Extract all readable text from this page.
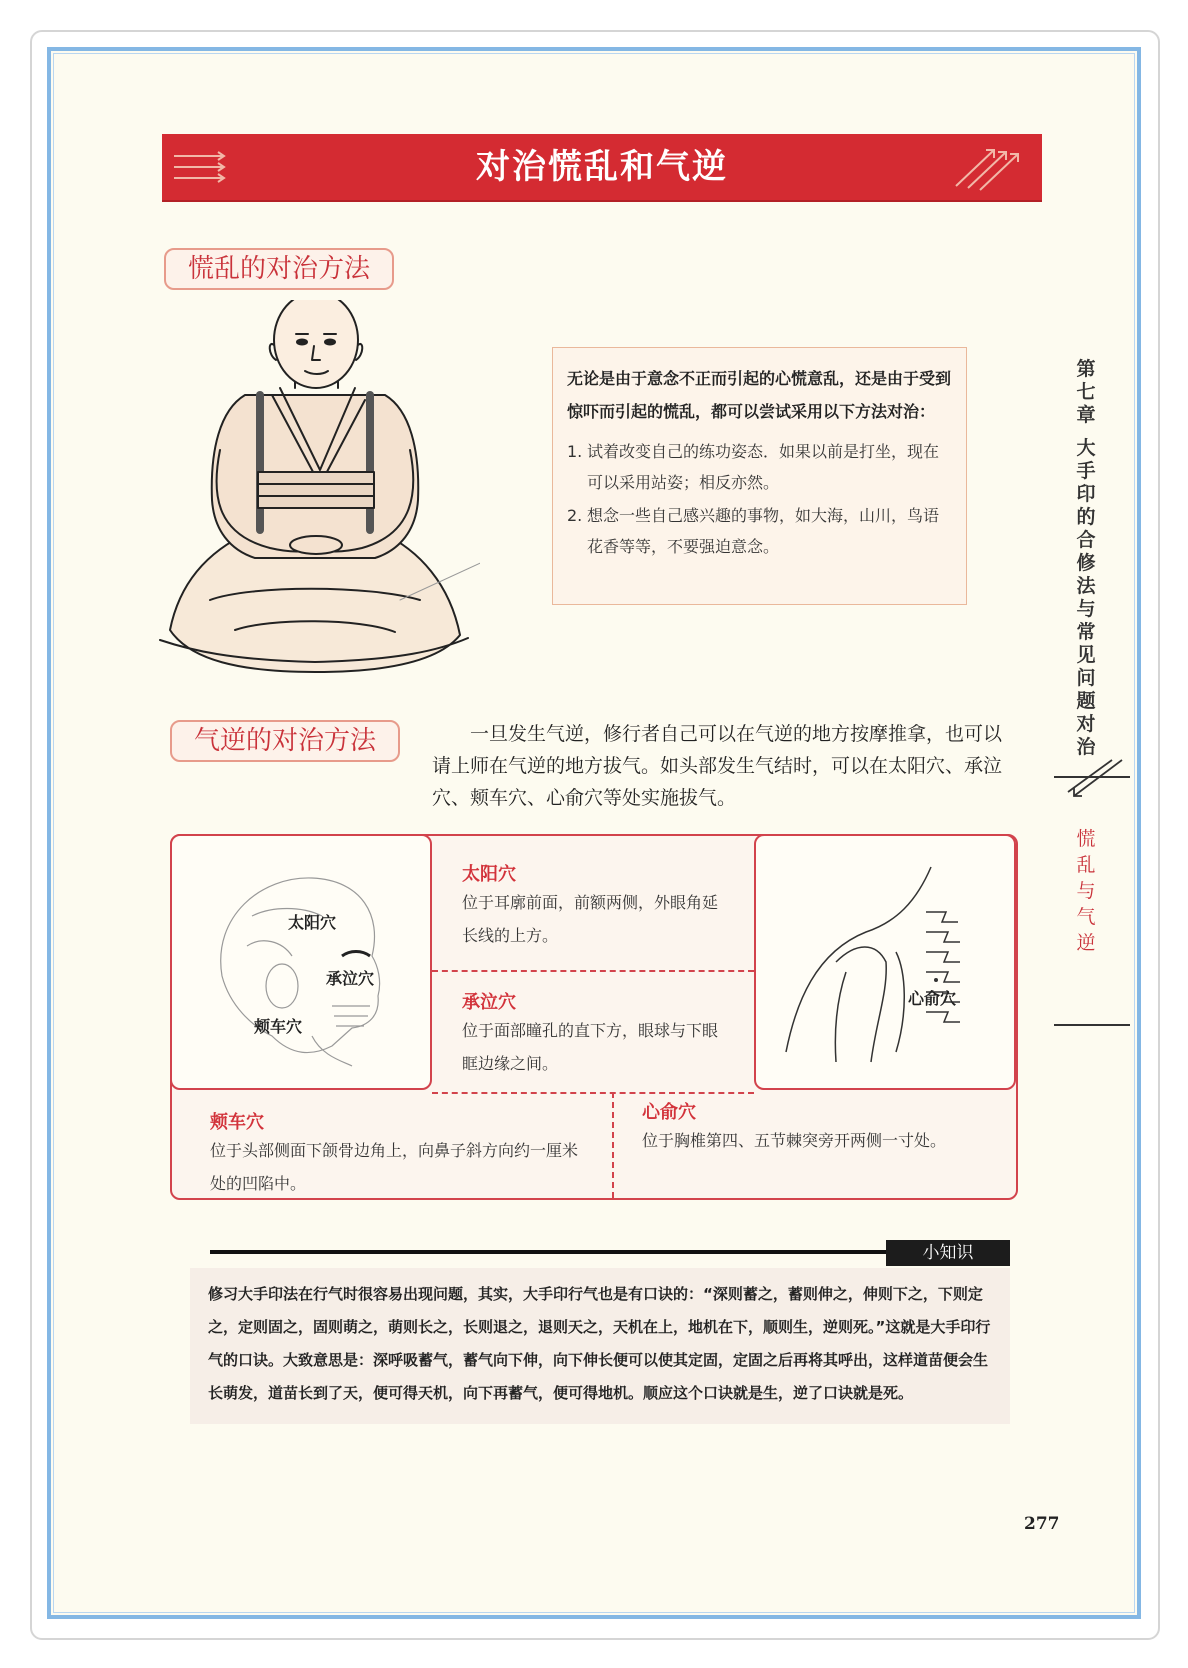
对治慌乱和气逆
慌乱的对治方法
无论是由于意念不正而引起的心慌意乱，还是由于受到惊吓而引起的慌乱，都可以尝试采用以下方法对治：
1. 试着改变自己的练功姿态．如果以前是打坐，现在可以采用站姿；相反亦然。
2. 想念一些自己感兴趣的事物，如大海，山川，鸟语花香等等，不要强迫意念。
气逆的对治方法	一旦发生气逆，修行者自己可以在气逆的地方按摩推拿，也可以请上师在气逆的地方拔气。如头部发生气结时，可以在太阳穴、承泣穴、颊车穴、心俞穴等处实施拔气。
太阳穴
承泣穴
颊车穴
心俞穴
太阳穴
位于耳廓前面，前额两侧，外眼角延长线的上方。
承泣穴
位于面部瞳孔的直下方，眼球与下眼眶边缘之间。
颊车穴
位于头部侧面下颌骨边角上，向鼻子斜方向约一厘米处的凹陷中。
心俞穴
位于胸椎第四、五节棘突旁开两侧一寸处。
小知识
修习大手印法在行气时很容易出现问题，其实，大手印行气也是有口诀的：“深则蓄之，蓄则伸之，伸则下之，下则定之，定则固之，固则萌之，萌则长之，长则退之，退则天之，天机在上，地机在下，顺则生，逆则死。”这就是大手印行气的口诀。大致意思是：深呼吸蓄气，蓄气向下伸，向下伸长便可以使其定固，定固之后再将其呼出，这样道苗便会生长萌发，道苗长到了天，便可得天机，向下再蓄气，便可得地机。顺应这个口诀就是生，逆了口诀就是死。
第七章
大手印的合修法与常见问题对治
慌乱与气逆
277
